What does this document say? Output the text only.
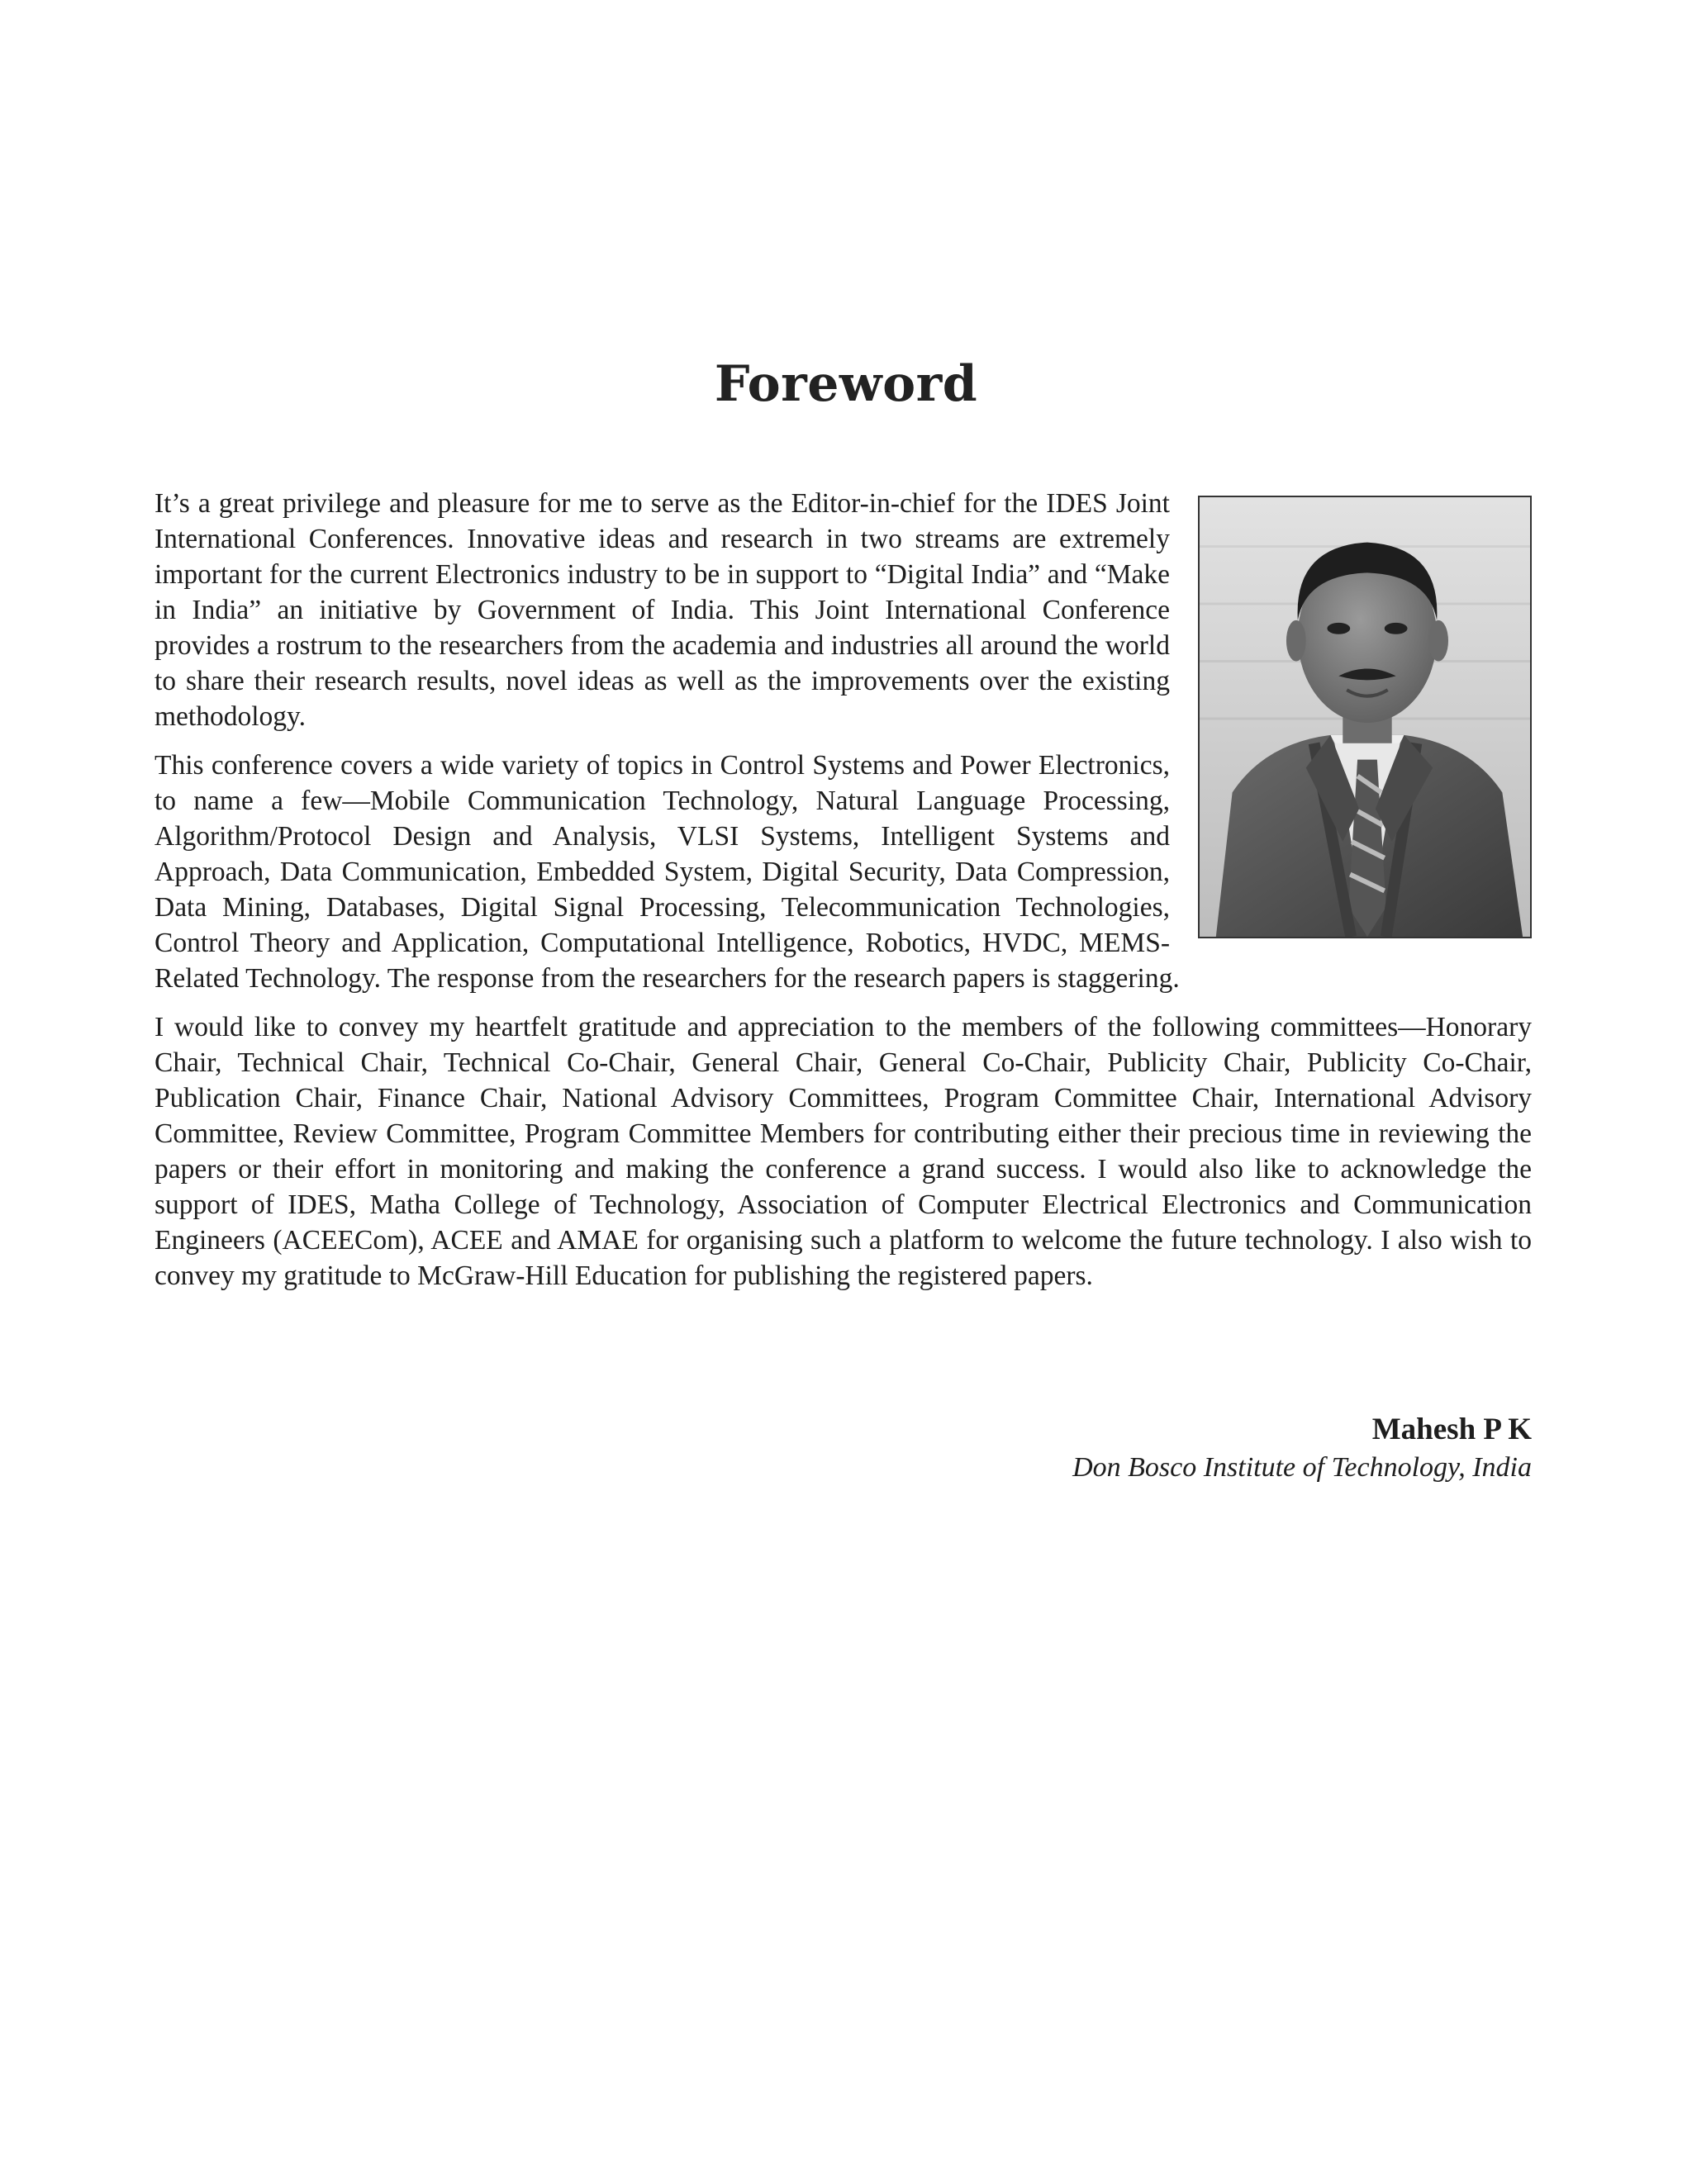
Foreword

It’s a great privilege and pleasure for me to serve as the Editor-in-chief for the IDES Joint International Conferences. Innovative ideas and research in two streams are extremely important for the current Electronics industry to be in support to “Digital India” and “Make in India” an initiative by Government of India. This Joint International Conference provides a rostrum to the researchers from the academia and industries all around the world to share their research results, novel ideas as well as the improvements over the existing methodology.

This conference covers a wide variety of topics in Control Systems and Power Electronics, to name a few—Mobile Communication Technology, Natural Language Processing, Algorithm/Protocol Design and Analysis, VLSI Systems, Intelligent Systems and Approach, Data Communication, Embedded System, Digital Security, Data Compression, Data Mining, Databases, Digital Signal Processing, Telecommunication Technologies, Control Theory and Application, Computational Intelligence, Robotics, HVDC, MEMS-Related Technology. The response from the researchers for the research papers is staggering.

I would like to convey my heartfelt gratitude and appreciation to the members of the following committees—Honorary Chair, Technical Chair, Technical Co-Chair, General Chair, General Co-Chair, Publicity Chair, Publicity Co-Chair, Publication Chair, Finance Chair, National Advisory Committees, Program Committee Chair, International Advisory Committee, Review Committee, Program Committee Members for contributing either their precious time in reviewing the papers or their effort in monitoring and making the conference a grand success. I would also like to acknowledge the support of IDES, Matha College of Technology, Association of Computer Electrical Electronics and Communication Engineers (ACEECom), ACEE and AMAE for organising such a platform to welcome the future technology. I also wish to convey my gratitude to McGraw-Hill Education for publishing the registered papers.

Mahesh P K
Don Bosco Institute of Technology, India
